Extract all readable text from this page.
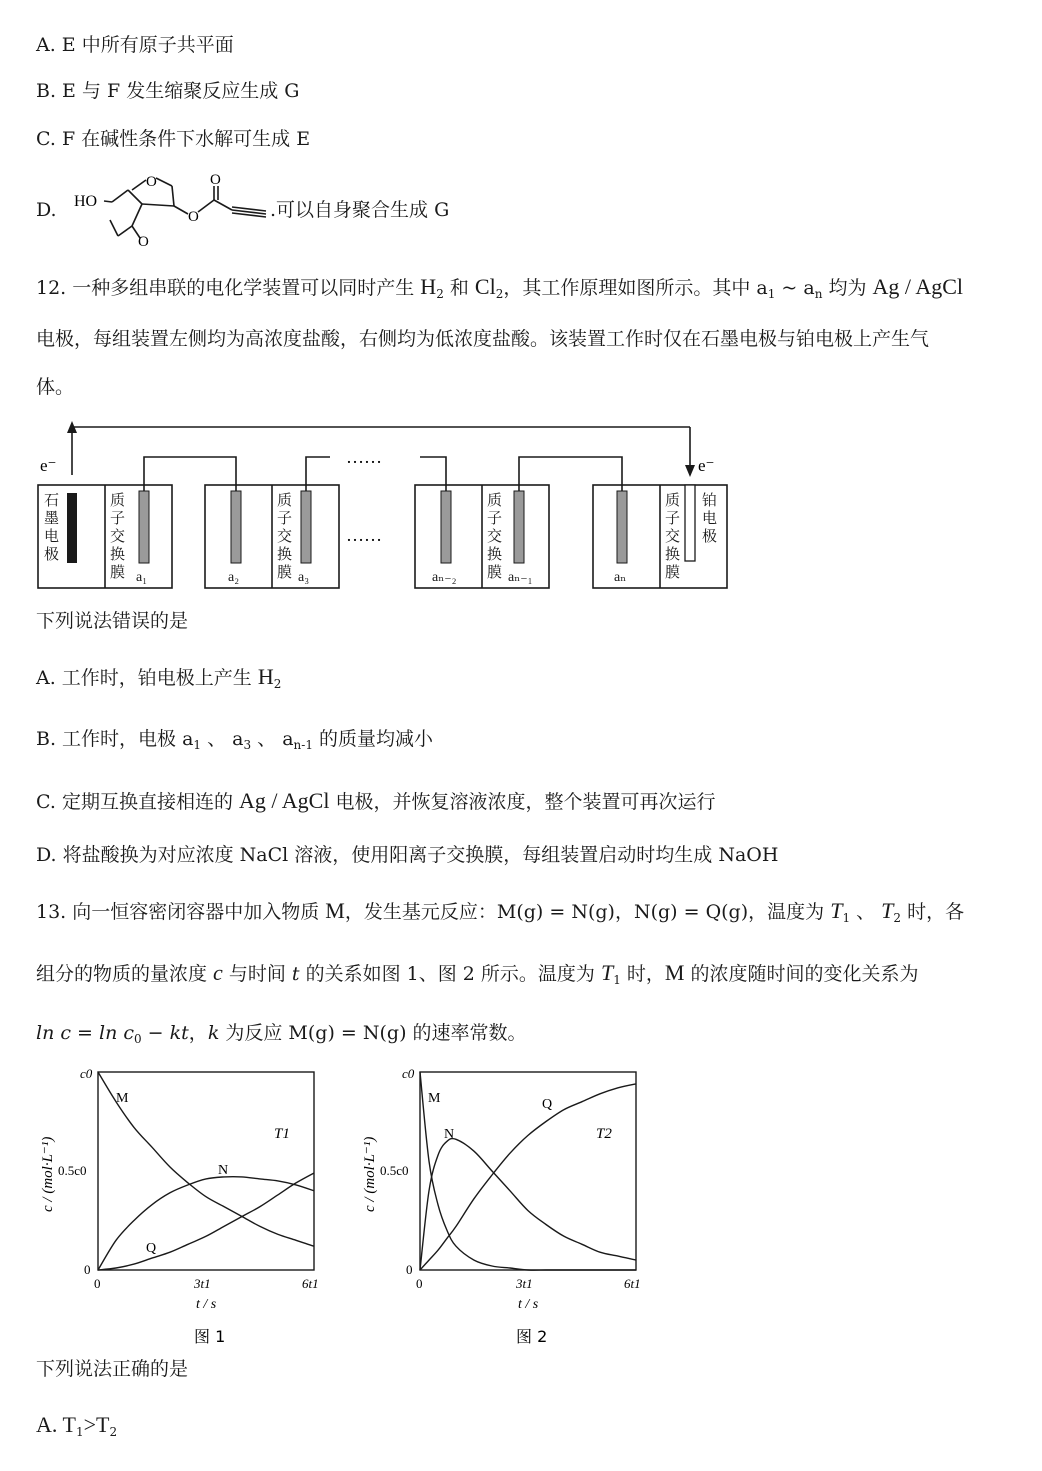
A. E 中所有原子共平面
B. E 与 F 发生缩聚反应生成 G
C. F 在碱性条件下水解可生成 E
D. HO
O
O
O
O
.可以自身聚合生成 G
12. 一种多组串联的电化学装置可以同时产生 $H_2$ 和 $Cl_2$，其工作原理如图所示。其中 $a_1$ ~ $a_n$ 均为 Ag / AgCl
电极，每组装置左侧均为高浓度盐酸，右侧均为低浓度盐酸。该装置工作时仅在石墨电极与铂电极上产生气
体。
e⁻	e⁻
……
……
石
墨
电
极
质
子
交
换
膜
质
子
交
换
膜
质
子
交
换
膜
质
子
交
换
膜
铂
电
极
a₁	a₂	a₃	aₙ₋₂	aₙ₋₁	aₙ
下列说法错误的是
A. 工作时，铂电极上产生 $H_2$
B. 工作时，电极 $a_1$ 、 $a_3$ 、 $a_{n-1}$ 的质量均减小
C. 定期互换直接相连的 Ag / AgCl 电极，并恢复溶液浓度，整个装置可再次运行
D. 将盐酸换为对应浓度 NaCl 溶液，使用阳离子交换膜，每组装置启动时均生成 NaOH
13. 向一恒容密闭容器中加入物质 M，发生基元反应：M(g) = N(g)，N(g) = Q(g)，温度为 $T_1$ 、 $T_2$ 时，各
组分的物质的量浓度 c 与时间 t 的关系如图 1、图 2 所示。温度为 $T_1$ 时，M 的浓度随时间的变化关系为
$\ln c = \ln c_0$ − kt，k 为反应 M(g) = N(g) 的速率常数。
c / (mol·L⁻¹)
c0
0.5c0
0
0	3t1	6t1
t / s
T1
M
N
Q
图 1
c / (mol·L⁻¹)
c0
0.5c0
0
0	3t1	6t1
t / s
T2
M
N
Q
图 2
下列说法正确的是
A. $T_1>T_2$
